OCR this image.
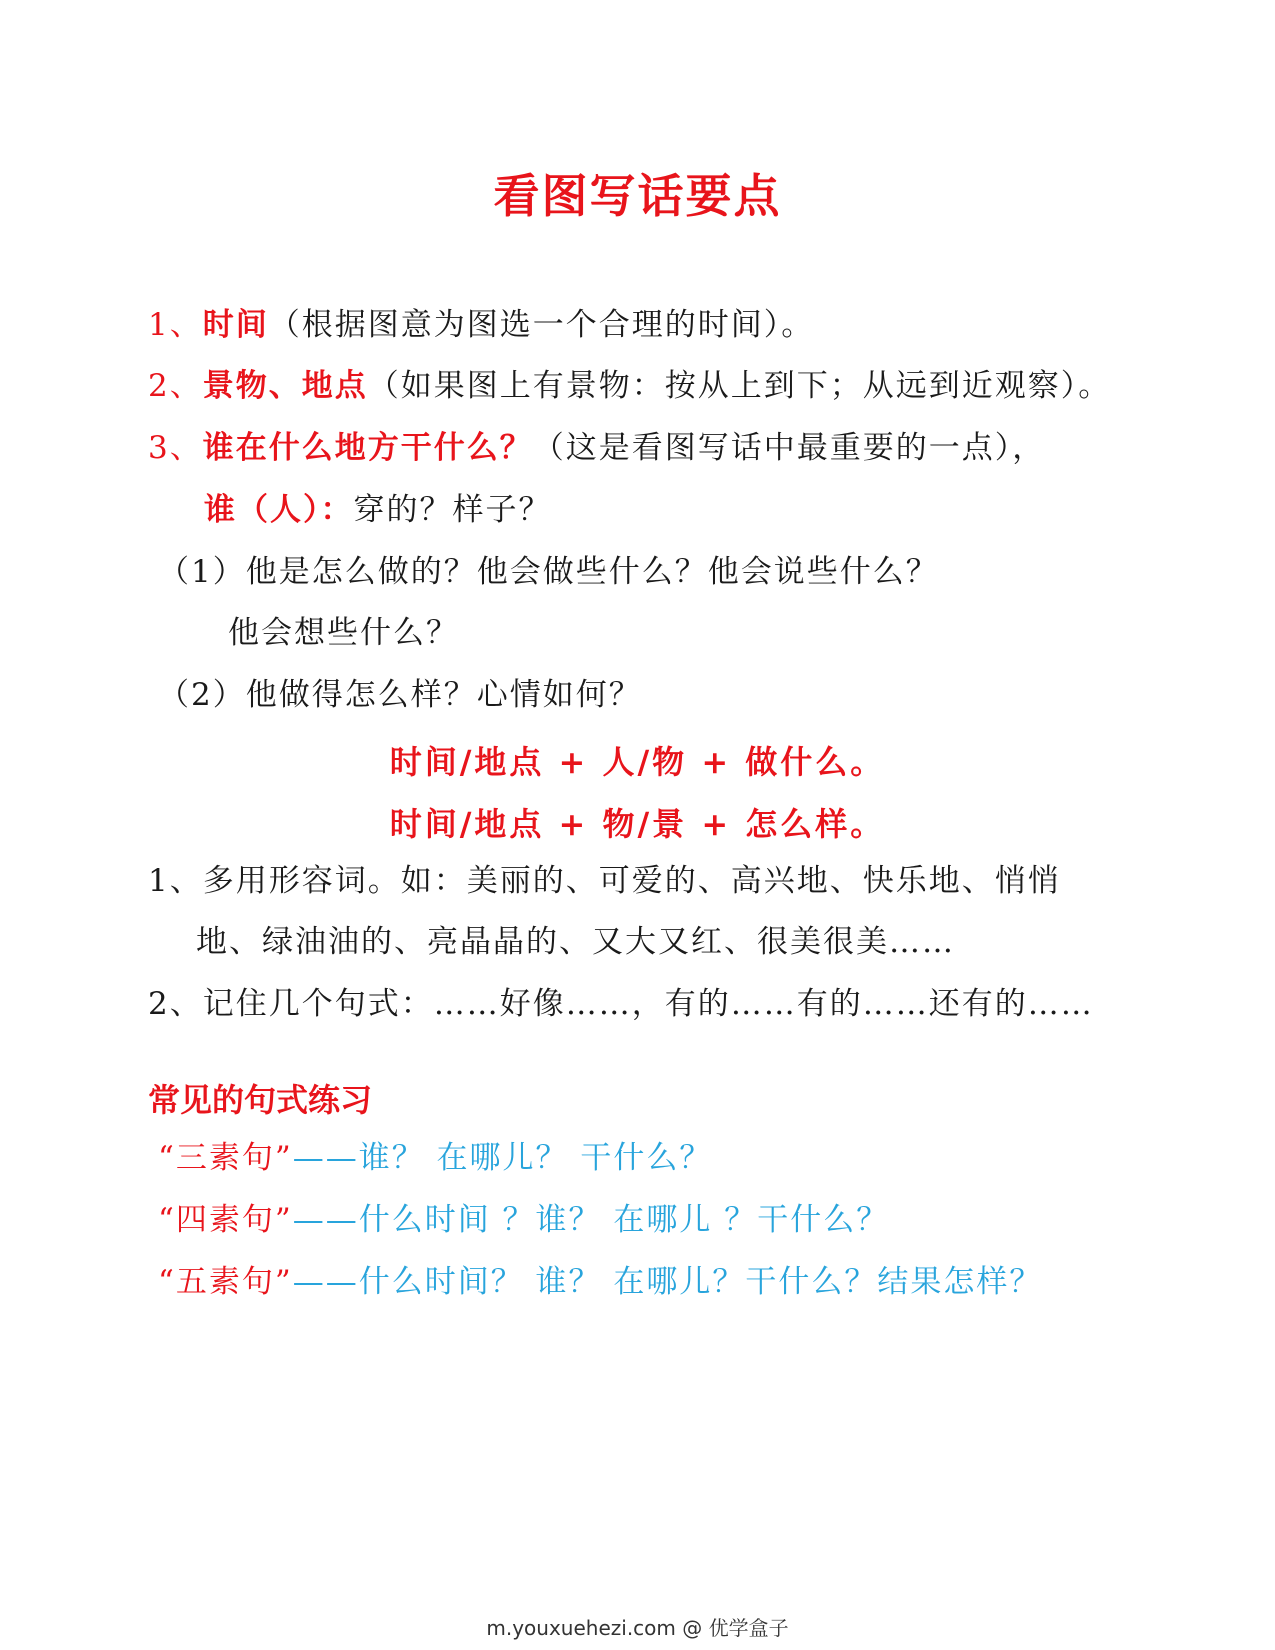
看图写话要点
1、时间（根据图意为图选一个合理的时间）。
2、景物、地点（如果图上有景物：按从上到下；从远到近观察）。
3、谁在什么地方干什么？（这是看图写话中最重要的一点），
谁（人）：穿的？样子？
（1）他是怎么做的？他会做些什么？他会说些什么？
他会想些什么？
（2）他做得怎么样？心情如何？
时间/地点 + 人/物 + 做什么。
时间/地点 + 物/景 + 怎么样。
1、多用形容词。如：美丽的、可爱的、高兴地、快乐地、悄悄
地、绿油油的、亮晶晶的、又大又红、很美很美……
2、记住几个句式：……好像……，有的……有的……还有的……
常见的句式练习
“三素句”——谁？ 在哪儿？ 干什么？
“四素句”——什么时间 ？谁？ 在哪儿 ？干什么？
“五素句”——什么时间？ 谁？ 在哪儿？干什么？结果怎样？
m.youxuehezi.com @ 优学盒子
